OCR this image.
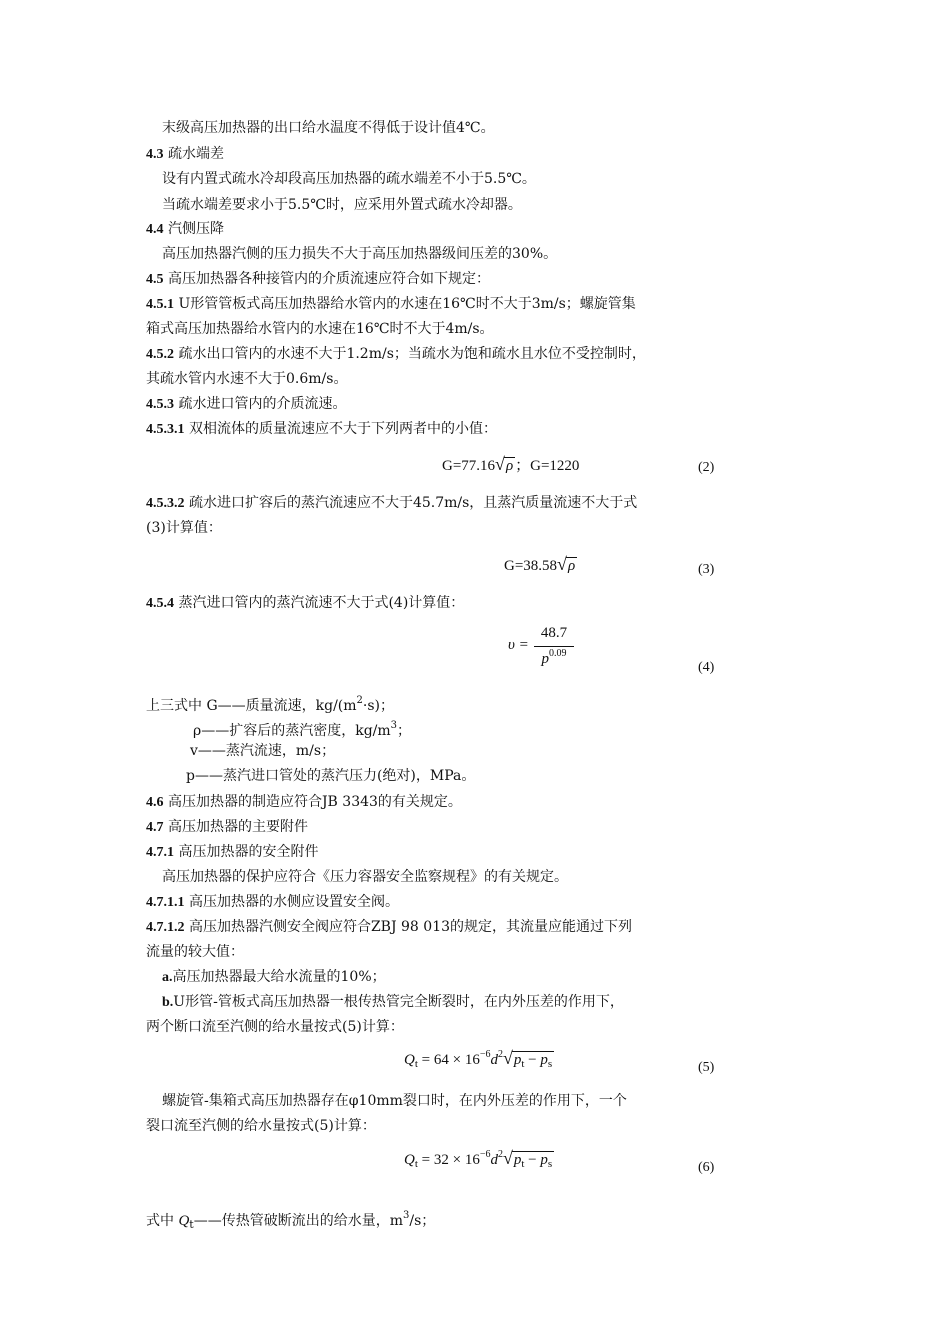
末级高压加热器的出口给水温度不得低于设计值4℃。
4.3 疏水端差
设有内置式疏水冷却段高压加热器的疏水端差不小于5.5℃。
当疏水端差要求小于5.5℃时，应采用外置式疏水冷却器。
4.4 汽侧压降
高压加热器汽侧的压力损失不大于高压加热器级间压差的30%。
4.5 高压加热器各种接管内的介质流速应符合如下规定：
4.5.1 U形管管板式高压加热器给水管内的水速在16℃时不大于3m/s；螺旋管集
箱式高压加热器给水管内的水速在16℃时不大于4m/s。
4.5.2 疏水出口管内的水速不大于1.2m/s；当疏水为饱和疏水且水位不受控制时，
其疏水管内水速不大于0.6m/s。
4.5.3 疏水进口管内的介质流速。
4.5.3.1 双相流体的质量流速应不大于下列两者中的小值：
G=77.16√ρ ；G=1220	(2)
4.5.3.2 疏水进口扩容后的蒸汽流速应不大于45.7m/s，且蒸汽质量流速不大于式
(3)计算值：
G=38.58√ρ	(3)
4.5.4 蒸汽进口管内的蒸汽流速不大于式(4)计算值：
υ =
48.7
$p^{0.09}$
(4)
上三式中 G——质量流速，$kg/(m^2\cdot s)$；
ρ——扩容后的蒸汽密度，$kg/m^3$；
v——蒸汽流速，m/s；
p——蒸汽进口管处的蒸汽压力(绝对)，MPa。
4.6 高压加热器的制造应符合JB 3343的有关规定。
4.7 高压加热器的主要附件
4.7.1 高压加热器的安全附件
高压加热器的保护应符合《压力容器安全监察规程》的有关规定。
4.7.1.1 高压加热器的水侧应设置安全阀。
4.7.1.2 高压加热器汽侧安全阀应符合ZBJ 98 013的规定，其流量应能通过下列
流量的较大值：
a.高压加热器最大给水流量的10%；
b.U形管-管板式高压加热器一根传热管完全断裂时，在内外压差的作用下，
两个断口流至汽侧的给水量按式(5)计算：
$Q_t = 64 \times 16^{-6}d^2√p_t - p_s$	(5)
螺旋管-集箱式高压加热器存在φ10mm裂口时，在内外压差的作用下，一个
裂口流至汽侧的给水量按式(5)计算：
$Q_t = 32 \times 16^{-6}d^2√p_t - p_s$	(6)
式中 $Q_t——$传热管破断流出的给水量，$m^3/s$；
